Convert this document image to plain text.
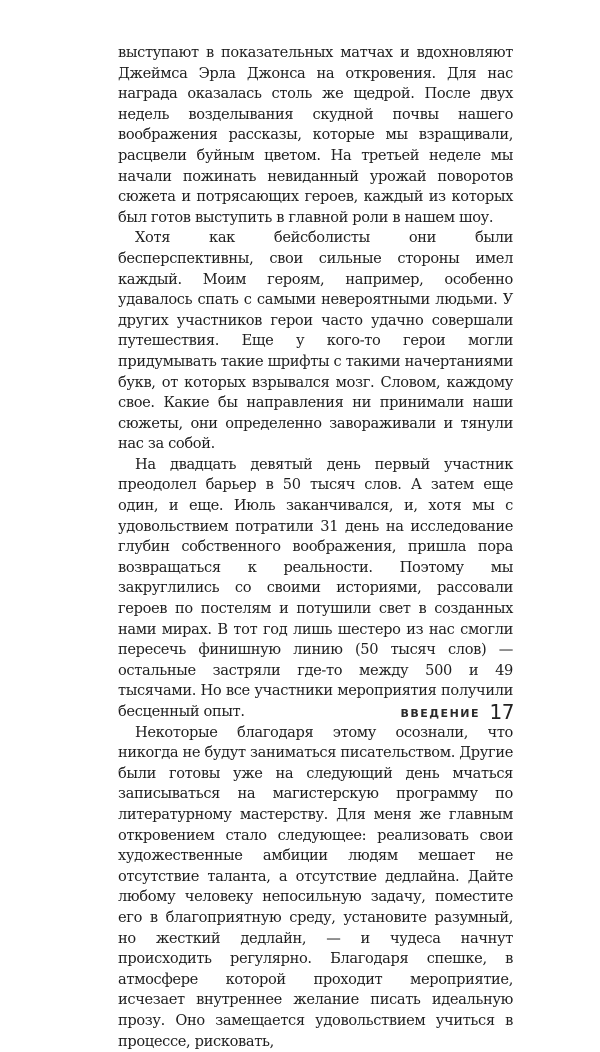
выступают в показательных матчах и вдохновляют Джеймса Эрла Джонса на откровения. Для нас награда оказалась столь же щедрой. После двух недель возделывания скудной почвы нашего воображения рассказы, которые мы взращивали, расцвели буйным цветом. На третьей неделе мы начали пожинать невиданный урожай поворотов сюжета и потрясающих героев, каждый из которых был готов выступить в главной роли в нашем шоу.

Хотя как бейсболисты они были бесперспективны, свои сильные стороны имел каждый. Моим героям, например, особенно удавалось спать с самыми невероятными людьми. У других участников герои часто удачно совершали путешествия. Еще у кого-то герои могли придумывать такие шрифты с такими начертаниями букв, от которых взрывался мозг. Словом, каждому свое. Какие бы направления ни принимали наши сюжеты, они определенно завораживали и тянули нас за собой.

На двадцать девятый день первый участник преодолел барьер в 50 тысяч слов. А затем еще один, и еще. Июль заканчивался, и, хотя мы с удовольствием потратили 31 день на исследование глубин собственного воображения, пришла пора возвращаться к реальности. Поэтому мы закруглились со своими историями, рассовали героев по постелям и потушили свет в созданных нами мирах. В тот год лишь шестеро из нас смогли пересечь финишную линию (50 тысяч слов) — остальные застряли где-то между 500 и 49 тысячами. Но все участники мероприятия получили бесценный опыт.

Некоторые благодаря этому осознали, что никогда не будут заниматься писательством. Другие были готовы уже на следующий день мчаться записываться на магистерскую программу по литературному мастерству. Для меня же главным откровением стало следующее: реализовать свои художественные амбиции людям мешает не отсутствие таланта, а отсутствие дедлайна. Дайте любому человеку непосильную задачу, поместите его в благоприятную среду, установите разумный, но жесткий дедлайн, — и чудеса начнут происходить регулярно. Благодаря спешке, в атмосфере которой проходит мероприятие, исчезает внутреннее желание писать идеальную прозу. Оно замещается удовольствием учиться в процессе, рисковать,

ВВЕДЕНИЕ 17
